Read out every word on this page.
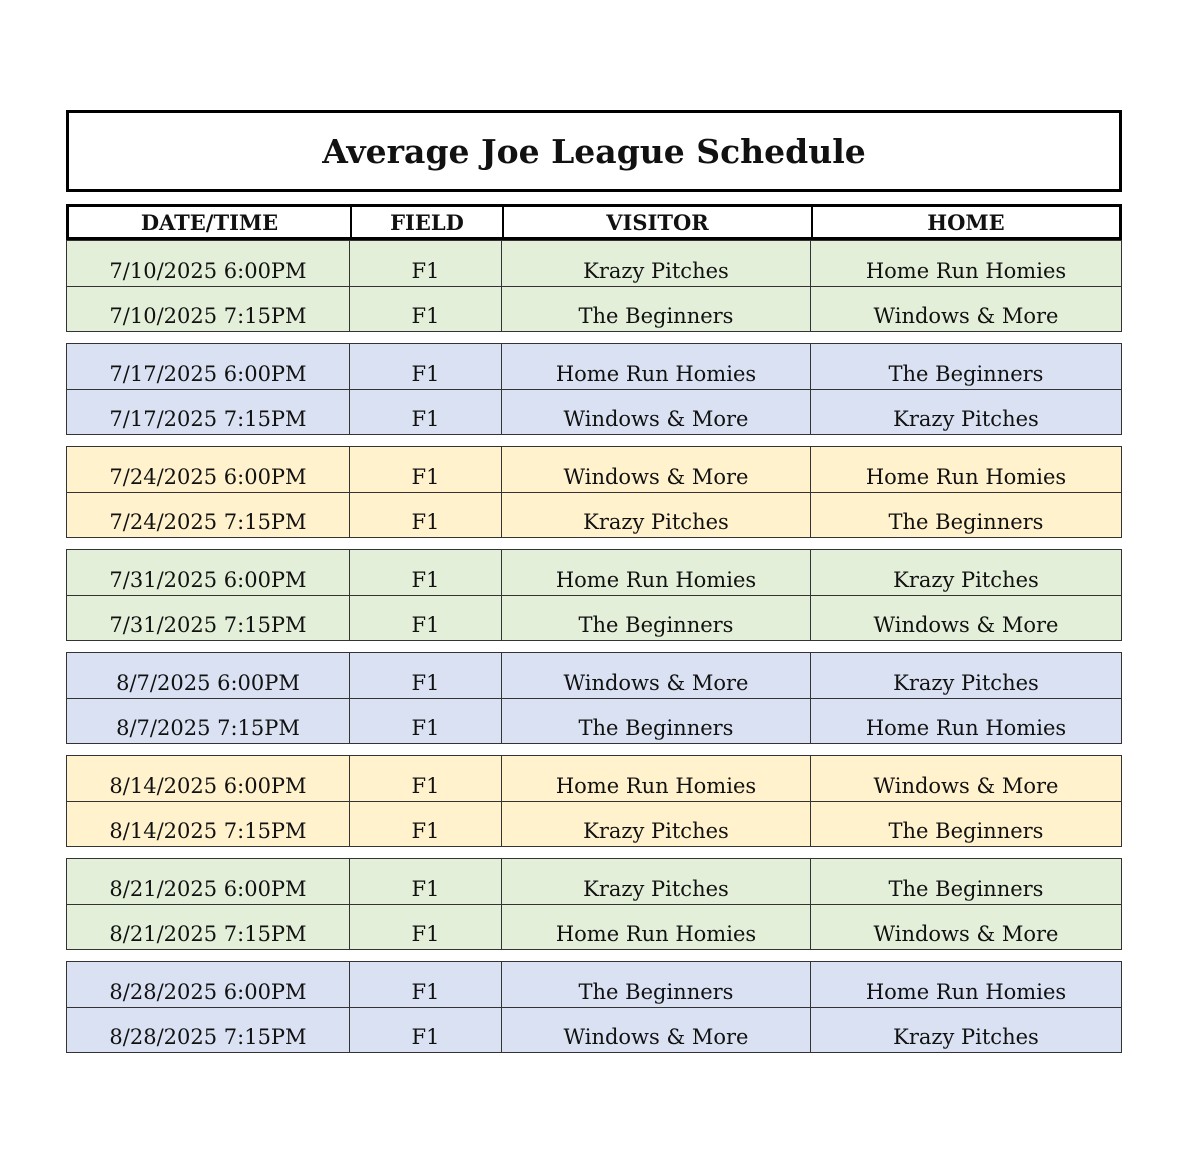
Average Joe League Schedule
DATE/TIME	FIELD	VISITOR	HOME
7/10/2025 6:00PM	F1	Krazy Pitches	Home Run Homies
7/10/2025 7:15PM	F1	The Beginners	Windows & More
7/17/2025 6:00PM	F1	Home Run Homies	The Beginners
7/17/2025 7:15PM	F1	Windows & More	Krazy Pitches
7/24/2025 6:00PM	F1	Windows & More	Home Run Homies
7/24/2025 7:15PM	F1	Krazy Pitches	The Beginners
7/31/2025 6:00PM	F1	Home Run Homies	Krazy Pitches
7/31/2025 7:15PM	F1	The Beginners	Windows & More
8/7/2025 6:00PM	F1	Windows & More	Krazy Pitches
8/7/2025 7:15PM	F1	The Beginners	Home Run Homies
8/14/2025 6:00PM	F1	Home Run Homies	Windows & More
8/14/2025 7:15PM	F1	Krazy Pitches	The Beginners
8/21/2025 6:00PM	F1	Krazy Pitches	The Beginners
8/21/2025 7:15PM	F1	Home Run Homies	Windows & More
8/28/2025 6:00PM	F1	The Beginners	Home Run Homies
8/28/2025 7:15PM	F1	Windows & More	Krazy Pitches
